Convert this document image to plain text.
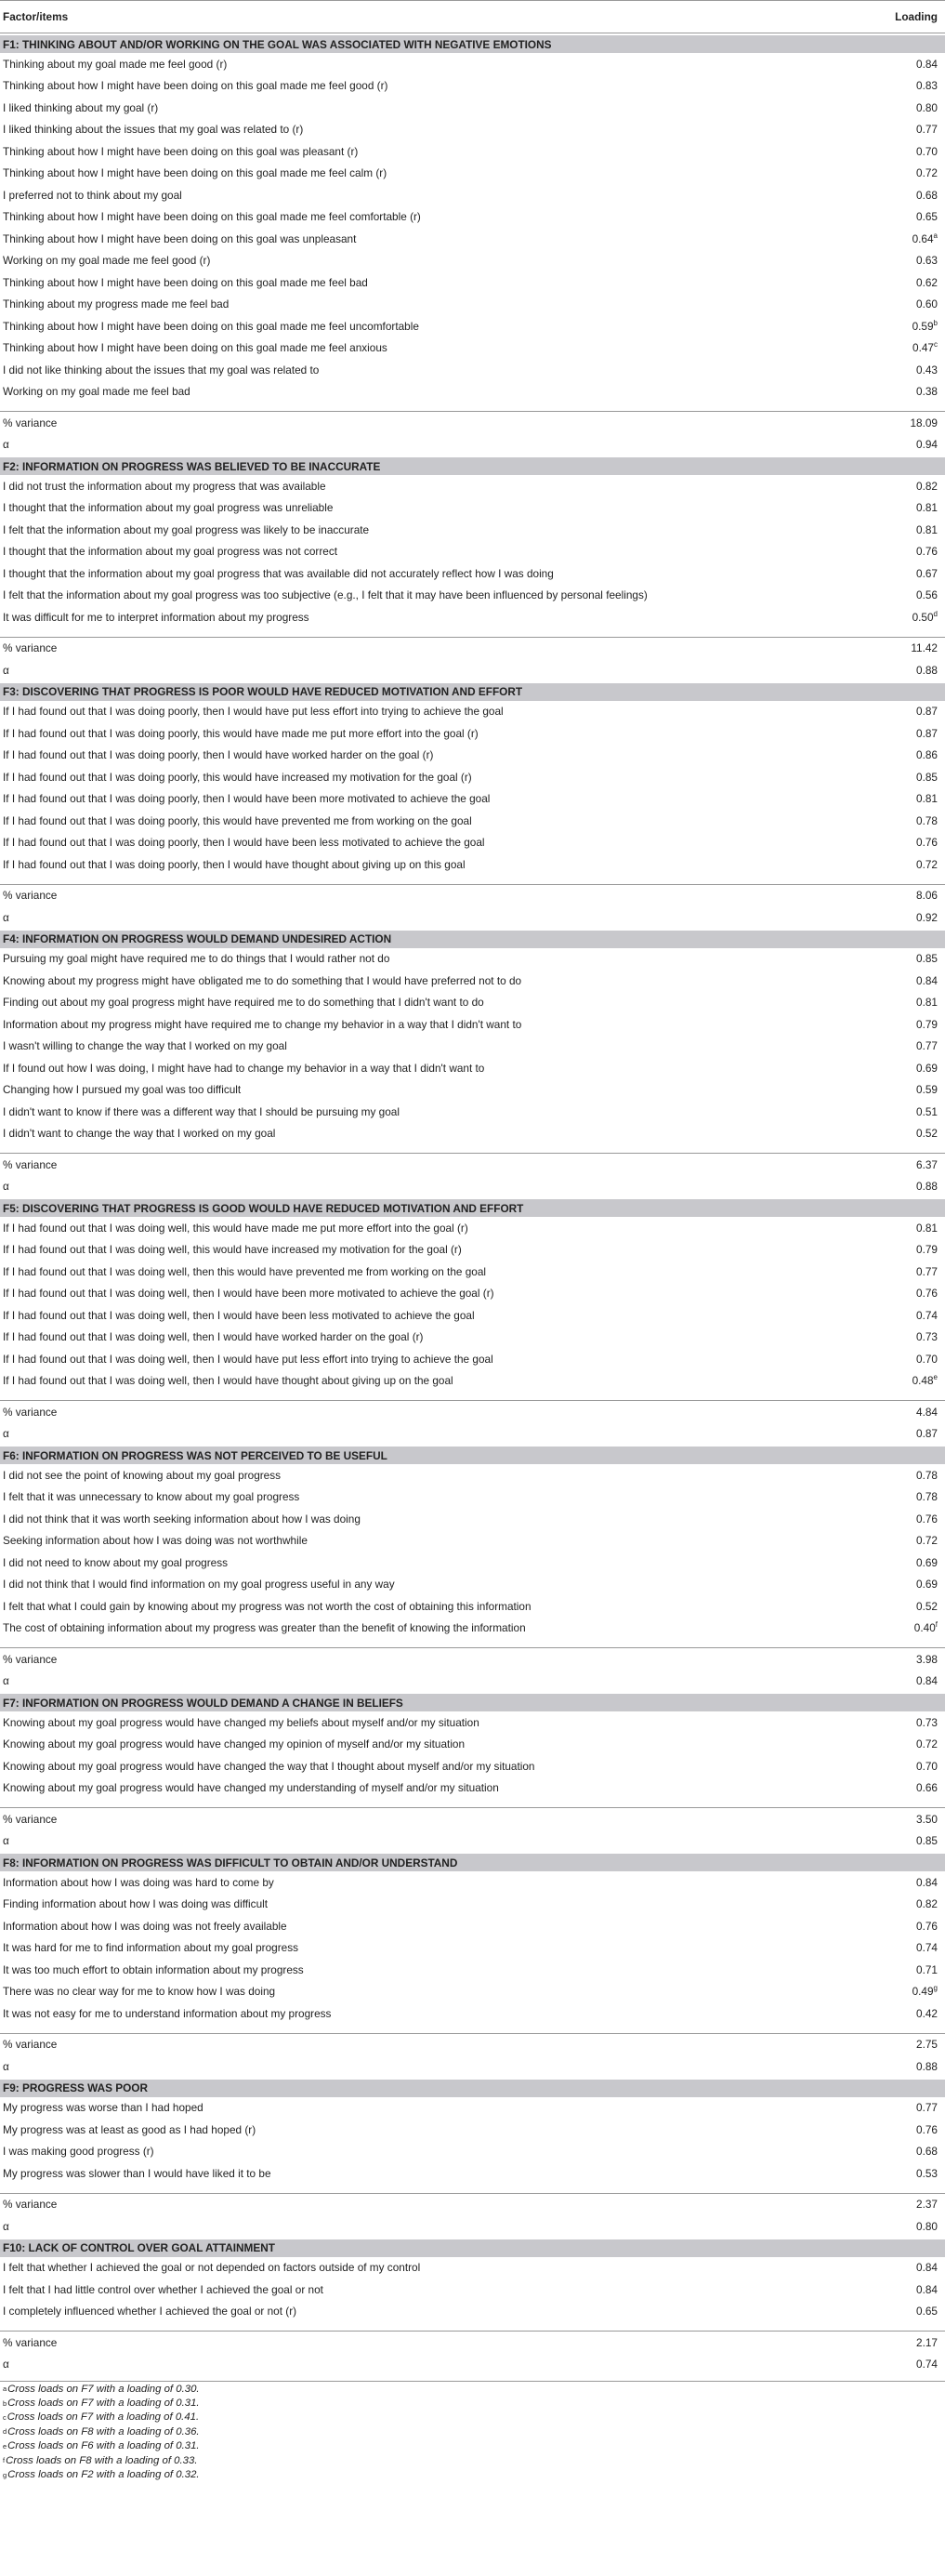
Factor/items	Loading
F1: THINKING ABOUT AND/OR WORKING ON THE GOAL WAS ASSOCIATED WITH NEGATIVE EMOTIONS
Thinking about my goal made me feel good (r)	0.84
Thinking about how I might have been doing on this goal made me feel good (r)	0.83
I liked thinking about my goal (r)	0.80
I liked thinking about the issues that my goal was related to (r)	0.77
Thinking about how I might have been doing on this goal was pleasant (r)	0.70
Thinking about how I might have been doing on this goal made me feel calm (r)	0.72
I preferred not to think about my goal	0.68
Thinking about how I might have been doing on this goal made me feel comfortable (r)	0.65
Thinking about how I might have been doing on this goal was unpleasant	0.64$^a$
Working on my goal made me feel good (r)	0.63
Thinking about how I might have been doing on this goal made me feel bad	0.62
Thinking about my progress made me feel bad	0.60
Thinking about how I might have been doing on this goal made me feel uncomfortable	0.59$^b$
Thinking about how I might have been doing on this goal made me feel anxious	0.47$^c$
I did not like thinking about the issues that my goal was related to	0.43
Working on my goal made me feel bad	0.38
% variance	18.09
α	0.94
F2: INFORMATION ON PROGRESS WAS BELIEVED TO BE INACCURATE
I did not trust the information about my progress that was available	0.82
I thought that the information about my goal progress was unreliable	0.81
I felt that the information about my goal progress was likely to be inaccurate	0.81
I thought that the information about my goal progress was not correct	0.76
I thought that the information about my goal progress that was available did not accurately reflect how I was doing	0.67
I felt that the information about my goal progress was too subjective (e.g., I felt that it may have been influenced by personal feelings)	0.56
It was difficult for me to interpret information about my progress	0.50$^d$
% variance	11.42
α	0.88
F3: DISCOVERING THAT PROGRESS IS POOR WOULD HAVE REDUCED MOTIVATION AND EFFORT
If I had found out that I was doing poorly, then I would have put less effort into trying to achieve the goal	0.87
If I had found out that I was doing poorly, this would have made me put more effort into the goal (r)	0.87
If I had found out that I was doing poorly, then I would have worked harder on the goal (r)	0.86
If I had found out that I was doing poorly, this would have increased my motivation for the goal (r)	0.85
If I had found out that I was doing poorly, then I would have been more motivated to achieve the goal	0.81
If I had found out that I was doing poorly, this would have prevented me from working on the goal	0.78
If I had found out that I was doing poorly, then I would have been less motivated to achieve the goal	0.76
If I had found out that I was doing poorly, then I would have thought about giving up on this goal	0.72
% variance	8.06
α	0.92
F4: INFORMATION ON PROGRESS WOULD DEMAND UNDESIRED ACTION
Pursuing my goal might have required me to do things that I would rather not do	0.85
Knowing about my progress might have obligated me to do something that I would have preferred not to do	0.84
Finding out about my goal progress might have required me to do something that I didn't want to do	0.81
Information about my progress might have required me to change my behavior in a way that I didn't want to	0.79
I wasn't willing to change the way that I worked on my goal	0.77
If I found out how I was doing, I might have had to change my behavior in a way that I didn't want to	0.69
Changing how I pursued my goal was too difficult	0.59
I didn't want to know if there was a different way that I should be pursuing my goal	0.51
I didn't want to change the way that I worked on my goal	0.52
% variance	6.37
α	0.88
F5: DISCOVERING THAT PROGRESS IS GOOD WOULD HAVE REDUCED MOTIVATION AND EFFORT
If I had found out that I was doing well, this would have made me put more effort into the goal (r)	0.81
If I had found out that I was doing well, this would have increased my motivation for the goal (r)	0.79
If I had found out that I was doing well, then this would have prevented me from working on the goal	0.77
If I had found out that I was doing well, then I would have been more motivated to achieve the goal (r)	0.76
If I had found out that I was doing well, then I would have been less motivated to achieve the goal	0.74
If I had found out that I was doing well, then I would have worked harder on the goal (r)	0.73
If I had found out that I was doing well, then I would have put less effort into trying to achieve the goal	0.70
If I had found out that I was doing well, then I would have thought about giving up on the goal	0.48e
% variance	4.84
α	0.87
F6: INFORMATION ON PROGRESS WAS NOT PERCEIVED TO BE USEFUL
I did not see the point of knowing about my goal progress	0.78
I felt that it was unnecessary to know about my goal progress	0.78
I did not think that it was worth seeking information about how I was doing	0.76
Seeking information about how I was doing was not worthwhile	0.72
I did not need to know about my goal progress	0.69
I did not think that I would find information on my goal progress useful in any way	0.69
I felt that what I could gain by knowing about my progress was not worth the cost of obtaining this information	0.52
The cost of obtaining information about my progress was greater than the benefit of knowing the information	0.40$^f$
% variance	3.98
α	0.84
F7: INFORMATION ON PROGRESS WOULD DEMAND A CHANGE IN BELIEFS
Knowing about my goal progress would have changed my beliefs about myself and/or my situation	0.73
Knowing about my goal progress would have changed my opinion of myself and/or my situation	0.72
Knowing about my goal progress would have changed the way that I thought about myself and/or my situation	0.70
Knowing about my goal progress would have changed my understanding of myself and/or my situation	0.66
% variance	3.50
α	0.85
F8: INFORMATION ON PROGRESS WAS DIFFICULT TO OBTAIN AND/OR UNDERSTAND
Information about how I was doing was hard to come by	0.84
Finding information about how I was doing was difficult	0.82
Information about how I was doing was not freely available	0.76
It was hard for me to find information about my goal progress	0.74
It was too much effort to obtain information about my progress	0.71
There was no clear way for me to know how I was doing	0.49$^g$
It was not easy for me to understand information about my progress	0.42
% variance	2.75
α	0.88
F9: PROGRESS WAS POOR
My progress was worse than I had hoped	0.77
My progress was at least as good as I had hoped (r)	0.76
I was making good progress (r)	0.68
My progress was slower than I would have liked it to be	0.53
% variance	2.37
α	0.80
F10: LACK OF CONTROL OVER GOAL ATTAINMENT
I felt that whether I achieved the goal or not depended on factors outside of my control	0.84
I felt that I had little control over whether I achieved the goal or not	0.84
I completely influenced whether I achieved the goal or not (r)	0.65
% variance	2.17
α	0.74
a Cross loads on F7 with a loading of 0.30.
b Cross loads on F7 with a loading of 0.31.
c Cross loads on F7 with a loading of 0.41.
d Cross loads on F8 with a loading of 0.36.
e Cross loads on F6 with a loading of 0.31.
f Cross loads on F8 with a loading of 0.33.
g Cross loads on F2 with a loading of 0.32.
